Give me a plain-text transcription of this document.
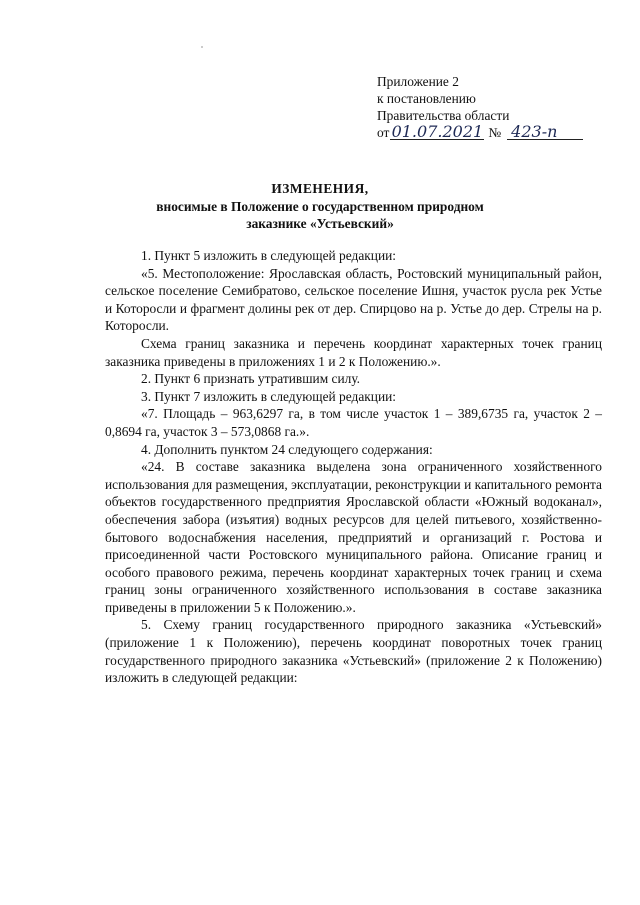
Приложение 2
к постановлению
Правительства области
от 01.07.2021 № 423-п
ИЗМЕНЕНИЯ,
вносимые в Положение о государственном природном
заказнике «Устьевский»

1. Пункт 5 изложить в следующей редакции:

«5. Местоположение: Ярославская область, Ростовский муниципальный район, сельское поселение Семибратово, сельское поселение Ишня, участок русла рек Устье и Которосли и фрагмент долины рек от дер. Спирцово на р. Устье до дер. Стрелы на р. Которосли.

Схема границ заказника и перечень координат характерных точек границ заказника приведены в приложениях 1 и 2 к Положению.».

2. Пункт 6 признать утратившим силу.

3. Пункт 7 изложить в следующей редакции:

«7. Площадь – 963,6297 га, в том числе участок 1 – 389,6735 га, участок 2 – 0,8694 га, участок 3 – 573,0868 га.».

4. Дополнить пунктом 24 следующего содержания:

«24. В составе заказника выделена зона ограниченного хозяйственного использования для размещения, эксплуатации, реконструкции и капитального ремонта объектов государственного предприятия Ярославской области «Южный водоканал», обеспечения забора (изъятия) водных ресурсов для целей питьевого, хозяйственно-бытового водоснабжения населения, предприятий и организаций г. Ростова и присоединенной части Ростовского муниципального района. Описание границ и особого правового режима, перечень координат характерных точек границ и схема границ зоны ограниченного хозяйственного использования в составе заказника приведены в приложении 5 к Положению.».

5. Схему границ государственного природного заказника «Устьевский» (приложение 1 к Положению), перечень координат поворотных точек границ государственного природного заказника «Устьевский» (приложение 2 к Положению) изложить в следующей редакции:
